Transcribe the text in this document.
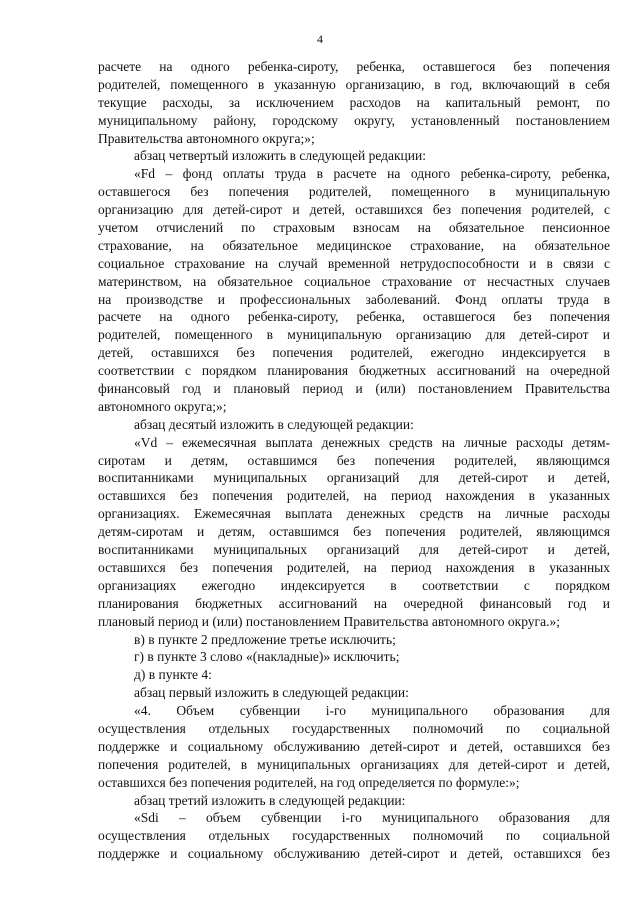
4
расчете на одного ребенка-сироту, ребенка, оставшегося без попечения
родителей, помещенного в указанную организацию, в год, включающий в себя
текущие расходы, за исключением расходов на капитальный ремонт, по
муниципальному району, городскому округу, установленный постановлением
Правительства автономного округа;»;
абзац четвертый изложить в следующей редакции:
«Fd – фонд оплаты труда в расчете на одного ребенка-сироту, ребенка,
оставшегося без попечения родителей, помещенного в муниципальную
организацию для детей-сирот и детей, оставшихся без попечения родителей, с
учетом отчислений по страховым взносам на обязательное пенсионное
страхование, на обязательное медицинское страхование, на обязательное
социальное страхование на случай временной нетрудоспособности и в связи с
материнством, на обязательное социальное страхование от несчастных случаев
на производстве и профессиональных заболеваний. Фонд оплаты труда в
расчете на одного ребенка-сироту, ребенка, оставшегося без попечения
родителей, помещенного в муниципальную организацию для детей-сирот и
детей, оставшихся без попечения родителей, ежегодно индексируется в
соответствии с порядком планирования бюджетных ассигнований на очередной
финансовый год и плановый период и (или) постановлением Правительства
автономного округа;»;
абзац десятый изложить в следующей редакции:
«Vd – ежемесячная выплата денежных средств на личные расходы детям-
сиротам и детям, оставшимся без попечения родителей, являющимся
воспитанниками муниципальных организаций для детей-сирот и детей,
оставшихся без попечения родителей, на период нахождения в указанных
организациях. Ежемесячная выплата денежных средств на личные расходы
детям-сиротам и детям, оставшимся без попечения родителей, являющимся
воспитанниками муниципальных организаций для детей-сирот и детей,
оставшихся без попечения родителей, на период нахождения в указанных
организациях ежегодно индексируется в соответствии с порядком
планирования бюджетных ассигнований на очередной финансовый год и
плановый период и (или) постановлением Правительства автономного округа.»;
в) в пункте 2 предложение третье исключить;
г) в пункте 3 слово «(накладные)» исключить;
д) в пункте 4:
абзац первый изложить в следующей редакции:
«4. Объем субвенции i-го муниципального образования для
осуществления отдельных государственных полномочий по социальной
поддержке и социальному обслуживанию детей-сирот и детей, оставшихся без
попечения родителей, в муниципальных организациях для детей-сирот и детей,
оставшихся без попечения родителей, на год определяется по формуле:»;
абзац третий изложить в следующей редакции:
«Sdi – объем субвенции i-го муниципального образования для
осуществления отдельных государственных полномочий по социальной
поддержке и социальному обслуживанию детей-сирот и детей, оставшихся без
